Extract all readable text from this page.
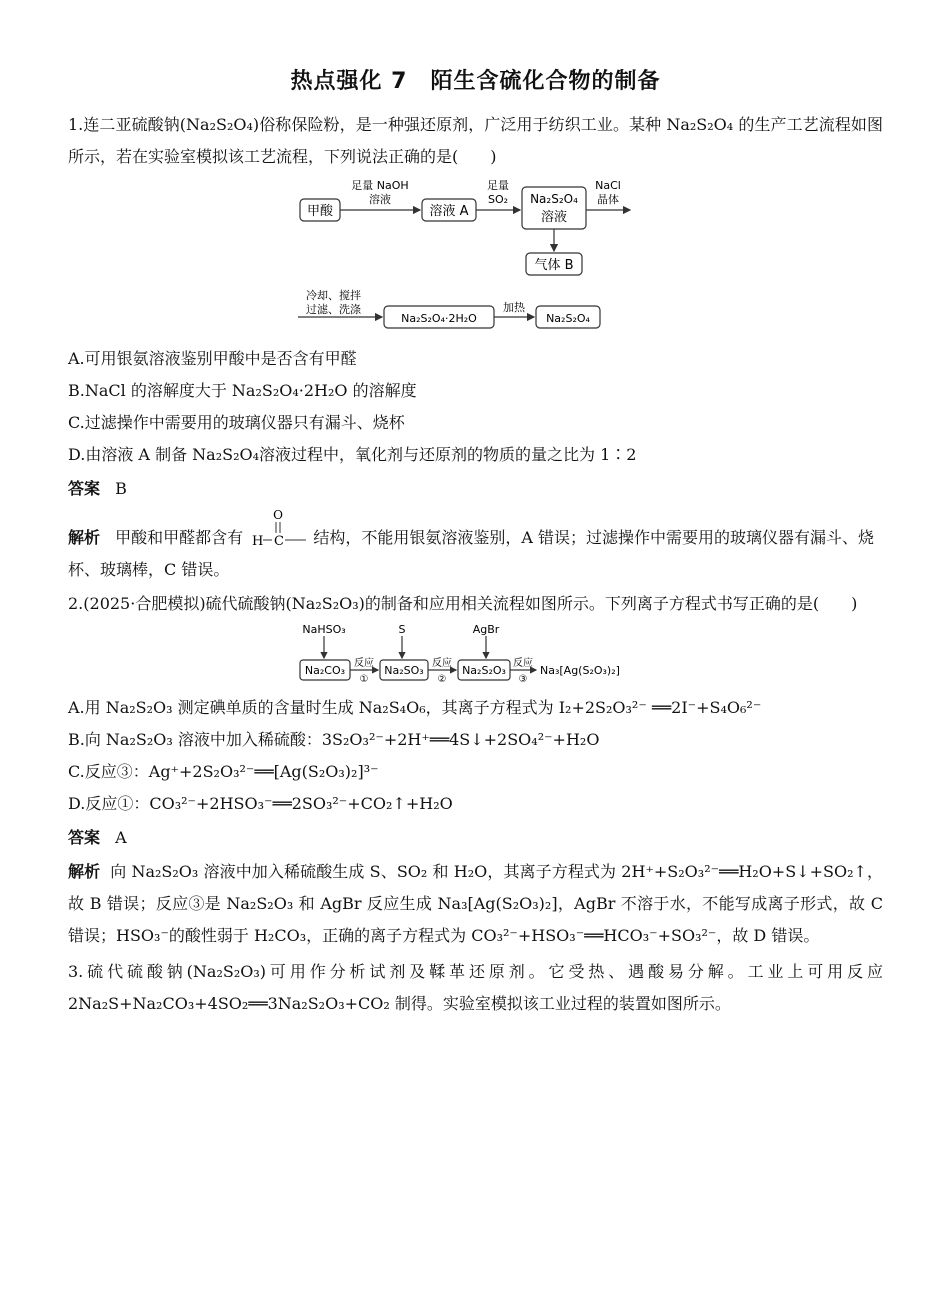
热点强化 7　陌生含硫化合物的制备

1.连二亚硫酸钠(Na₂S₂O₄)俗称保险粉，是一种强还原剂，广泛用于纺织工业。某种 Na₂S₂O₄ 的生产工艺流程如图所示，若在实验室模拟该工艺流程，下列说法正确的是(　　)

甲酸
足量 NaOH
溶液
溶液 A
足量
SO₂ Na₂S₂O₄
溶液
NaCl
晶体
气体 B
冷却、搅拌
过滤、洗涤
Na₂S₂O₄·2H₂O
加热
Na₂S₂O₄
A.可用银氨溶液鉴别甲酸中是否含有甲醛
B.NaCl 的溶解度大于 Na₂S₂O₄·2H₂O 的溶解度
C.过滤操作中需要用的玻璃仪器只有漏斗、烧杯
D.由溶液 A 制备 Na₂S₂O₄溶液过程中，氧化剂与还原剂的物质的量之比为 1∶2
答案 B
解析 甲酸和甲醛都含有
O
H C 结构，不能用银氨溶液鉴别，A 错误；过滤操作中需要用的玻璃仪器有漏斗、烧杯、玻璃棒，C 错误。

2.(2025·合肥模拟)硫代硫酸钠(Na₂S₂O₃)的制备和应用相关流程如图所示。下列离子方程式书写正确的是(　　)

NaHSO₃	S	AgBr
Na₂CO₃
反应
①
Na₂SO₃
反应
②
Na₂S₂O₃
反应
③
Na₃[Ag(S₂O₃)₂]
A.用 Na₂S₂O₃ 测定碘单质的含量时生成 Na₂S₄O₆，其离子方程式为 I₂+2S₂O₃²⁻ ══2I⁻+S₄O₆²⁻
B.向 Na₂S₂O₃ 溶液中加入稀硫酸：3S₂O₃²⁻+2H⁺══4S↓+2SO₄²⁻+H₂O
C.反应③：Ag⁺+2S₂O₃²⁻══[Ag(S₂O₃)₂]³⁻
D.反应①：CO₃²⁻+2HSO₃⁻══2SO₃²⁻+CO₂↑+H₂O
答案 A

解析 向 Na₂S₂O₃ 溶液中加入稀硫酸生成 S、SO₂ 和 H₂O，其离子方程式为 2H⁺+S₂O₃²⁻══H₂O+S↓+SO₂↑，故 B 错误；反应③是 Na₂S₂O₃ 和 AgBr 反应生成 Na₃[Ag(S₂O₃)₂]，AgBr 不溶于水，不能写成离子形式，故 C 错误；HSO₃⁻的酸性弱于 H₂CO₃，正确的离子方程式为 CO₃²⁻+HSO₃⁻══HCO₃⁻+SO₃²⁻，故 D 错误。

3.硫代硫酸钠(Na₂S₂O₃)可用作分析试剂及鞣革还原剂。它受热、遇酸易分解。工业上可用反应 2Na₂S+Na₂CO₃+4SO₂══3Na₂S₂O₃+CO₂ 制得。实验室模拟该工业过程的装置如图所示。
